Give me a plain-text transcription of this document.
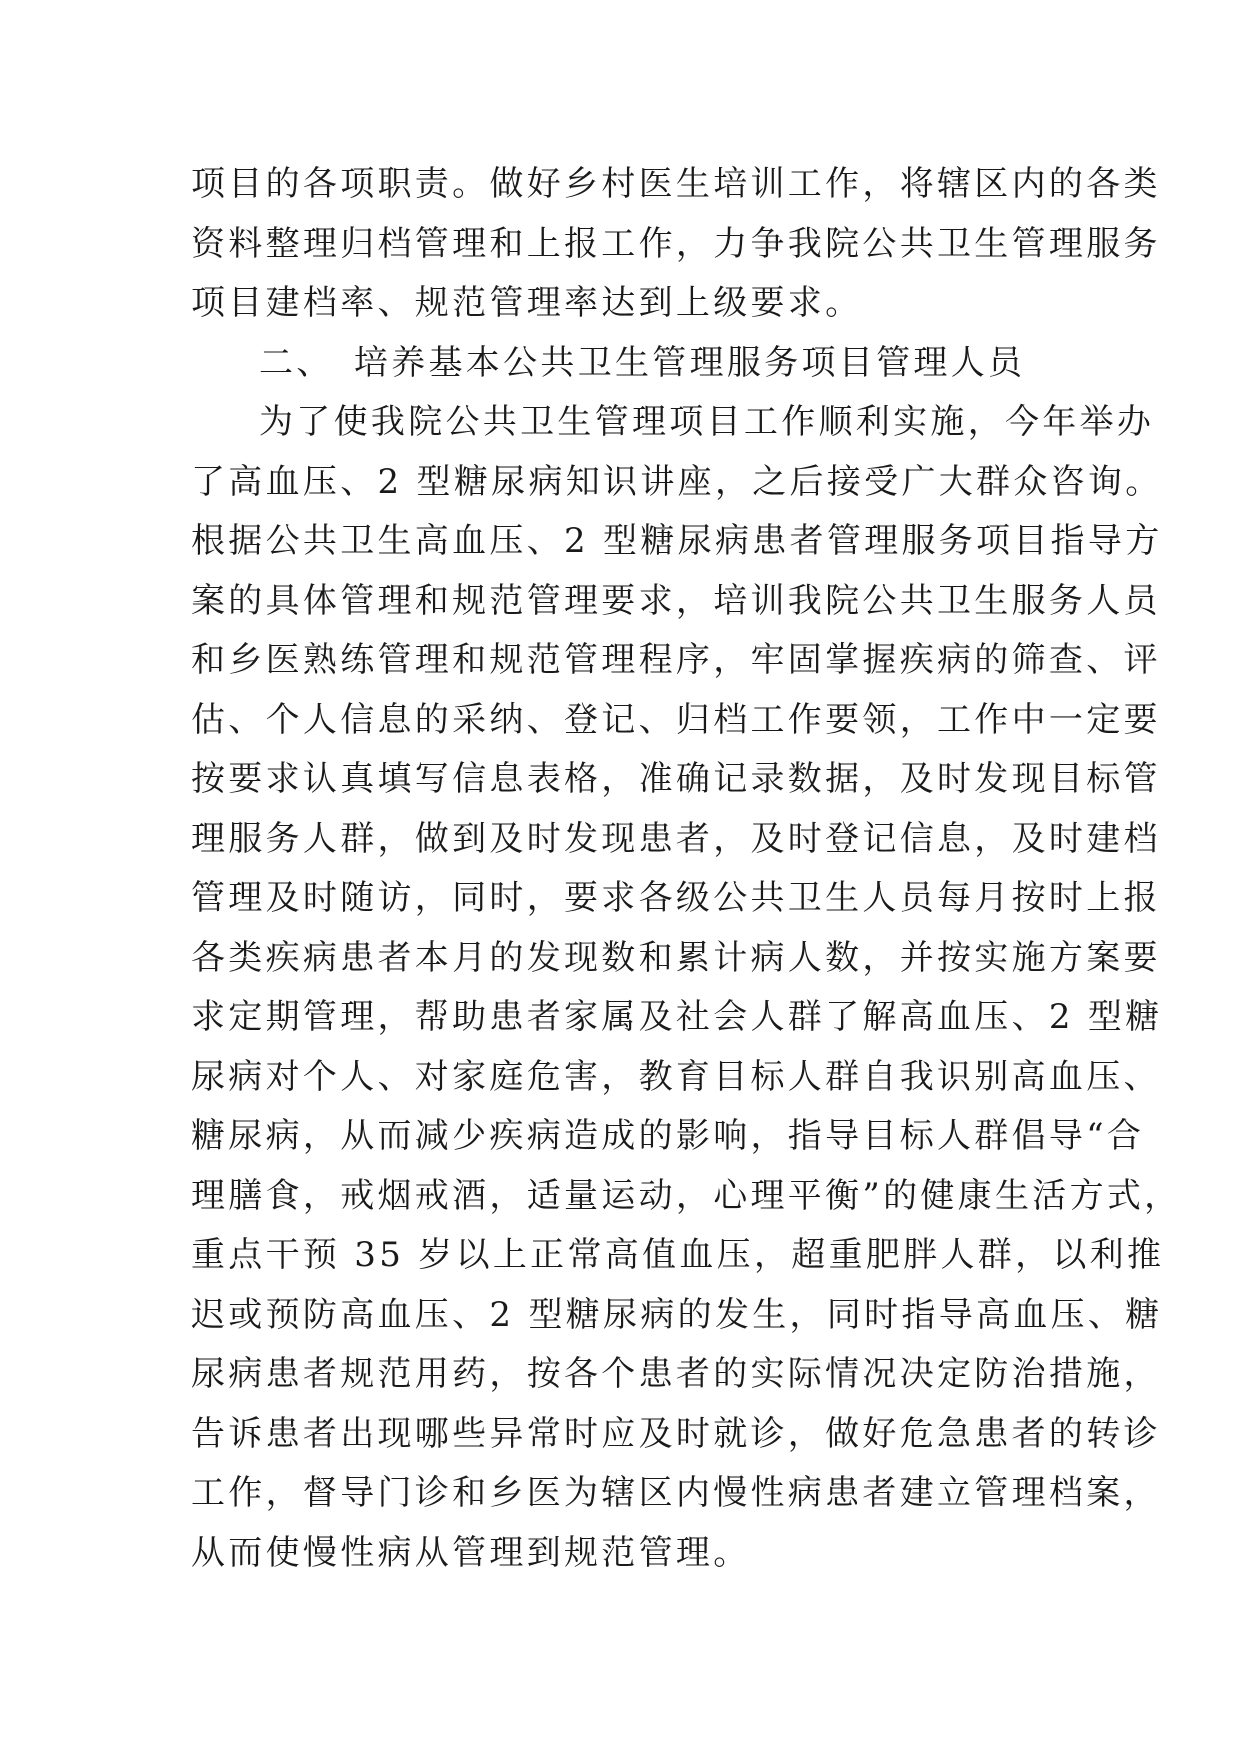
项目的各项职责。做好乡村医生培训工作，将辖区内的各类
资料整理归档管理和上报工作，力争我院公共卫生管理服务
项目建档率、规范管理率达到上级要求。
二、　培养基本公共卫生管理服务项目管理人员
为了使我院公共卫生管理项目工作顺利实施，今年举办
了高血压、2 型糖尿病知识讲座，之后接受广大群众咨询。
根据公共卫生高血压、2 型糖尿病患者管理服务项目指导方
案的具体管理和规范管理要求，培训我院公共卫生服务人员
和乡医熟练管理和规范管理程序，牢固掌握疾病的筛查、评
估、个人信息的采纳、登记、归档工作要领，工作中一定要
按要求认真填写信息表格，准确记录数据，及时发现目标管
理服务人群，做到及时发现患者，及时登记信息，及时建档
管理及时随访，同时，要求各级公共卫生人员每月按时上报
各类疾病患者本月的发现数和累计病人数，并按实施方案要
求定期管理，帮助患者家属及社会人群了解高血压、2 型糖
尿病对个人、对家庭危害，教育目标人群自我识别高血压、
糖尿病，从而减少疾病造成的影响，指导目标人群倡导“合
理膳食，戒烟戒酒，适量运动，心理平衡”的健康生活方式，
重点干预 35 岁以上正常高值血压，超重肥胖人群，以利推
迟或预防高血压、2 型糖尿病的发生，同时指导高血压、糖
尿病患者规范用药，按各个患者的实际情况决定防治措施，
告诉患者出现哪些异常时应及时就诊，做好危急患者的转诊
工作，督导门诊和乡医为辖区内慢性病患者建立管理档案，
从而使慢性病从管理到规范管理。
